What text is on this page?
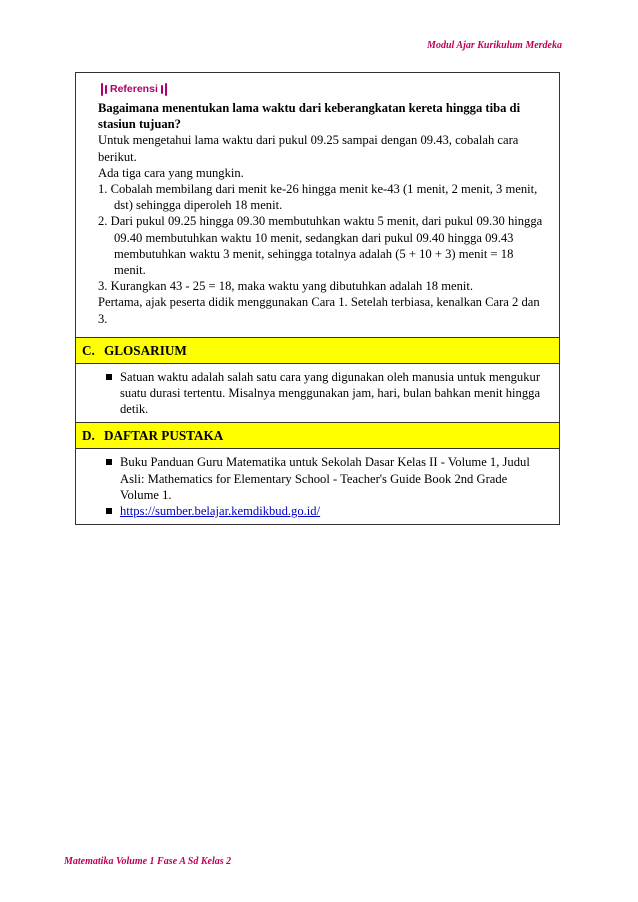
Modul Ajar Kurikulum Merdeka
Referensi
Bagaimana menentukan lama waktu dari keberangkatan kereta hingga tiba di stasiun tujuan?
Untuk mengetahui lama waktu dari pukul 09.25 sampai dengan 09.43, cobalah cara berikut.
Ada tiga cara yang mungkin.
1. Cobalah membilang dari menit ke-26 hingga menit ke-43 (1 menit, 2 menit, 3 menit, dst) sehingga diperoleh 18 menit.
2. Dari pukul 09.25 hingga 09.30 membutuhkan waktu 5 menit, dari pukul 09.30 hingga 09.40 membutuhkan waktu 10 menit, sedangkan dari pukul 09.40 hingga 09.43 membutuhkan waktu 3 menit, sehingga totalnya adalah (5 + 10 + 3) menit = 18 menit.
3. Kurangkan 43 - 25 = 18, maka waktu yang dibutuhkan adalah 18 menit.
Pertama, ajak peserta didik menggunakan Cara 1. Setelah terbiasa, kenalkan Cara 2 dan 3.
C. GLOSARIUM
Satuan waktu adalah salah satu cara yang digunakan oleh manusia untuk mengukur suatu durasi tertentu. Misalnya menggunakan jam, hari, bulan bahkan menit hingga detik.
D. DAFTAR PUSTAKA
Buku Panduan Guru Matematika untuk Sekolah Dasar Kelas II - Volume 1, Judul Asli: Mathematics for Elementary School - Teacher's Guide Book 2nd Grade Volume 1.
https://sumber.belajar.kemdikbud.go.id/
Matematika Volume 1 Fase A Sd Kelas 2
